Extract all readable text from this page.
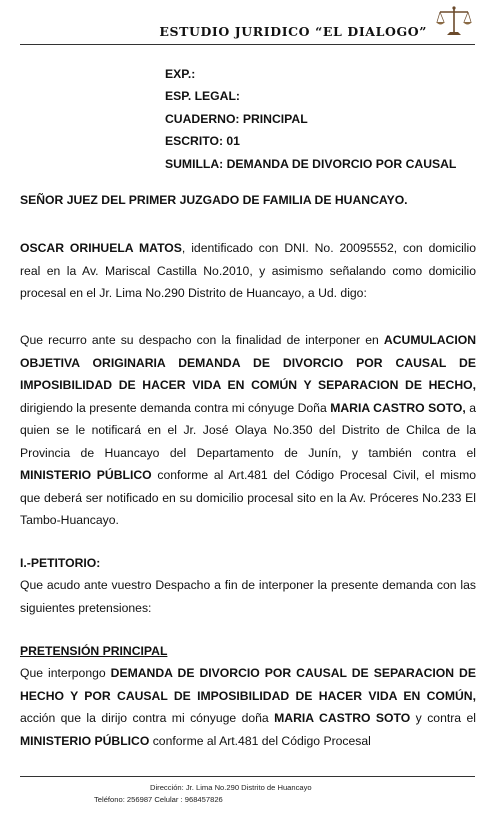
ESTUDIO JURIDICO “EL DIALOGO”
EXP.:
ESP. LEGAL:
CUADERNO: PRINCIPAL
ESCRITO: 01
SUMILLA: DEMANDA DE DIVORCIO POR CAUSAL
SEÑOR JUEZ DEL PRIMER JUZGADO DE FAMILIA DE HUANCAYO.

OSCAR ORIHUELA MATOS, identificado con DNI. No. 20095552, con domicilio real en la Av. Mariscal Castilla No.2010, y asimismo señalando como domicilio procesal en el Jr. Lima No.290 Distrito de Huancayo, a Ud. digo:

Que recurro ante su despacho con la finalidad de interponer en ACUMULACION OBJETIVA ORIGINARIA DEMANDA DE DIVORCIO POR CAUSAL DE IMPOSIBILIDAD DE HACER VIDA EN COMÚN Y SEPARACION DE HECHO, dirigiendo la presente demanda contra mi cónyuge Doña MARIA CASTRO SOTO, a quien se le notificará en el Jr. José Olaya No.350 del Distrito de Chilca de la Provincia de Huancayo del Departamento de Junín, y también contra el MINISTERIO PÚBLICO conforme al Art.481 del Código Procesal Civil, el mismo que deberá ser notificado en su domicilio procesal sito en la Av. Próceres No.233 El Tambo-Huancayo.

I.-PETITORIO:

Que acudo ante vuestro Despacho a fin de interponer la presente demanda con las siguientes pretensiones:

PRETENSIÓN PRINCIPAL

Que interpongo DEMANDA DE DIVORCIO POR CAUSAL DE SEPARACION DE HECHO Y POR CAUSAL DE IMPOSIBILIDAD DE HACER VIDA EN COMÚN, acción que la dirijo contra mi cónyuge doña MARIA CASTRO SOTO y contra el MINISTERIO PÚBLICO conforme al Art.481 del Código Procesal

Dirección: Jr. Lima No.290 Distrito de Huancayo
Teléfono: 256987 Celular : 968457826
